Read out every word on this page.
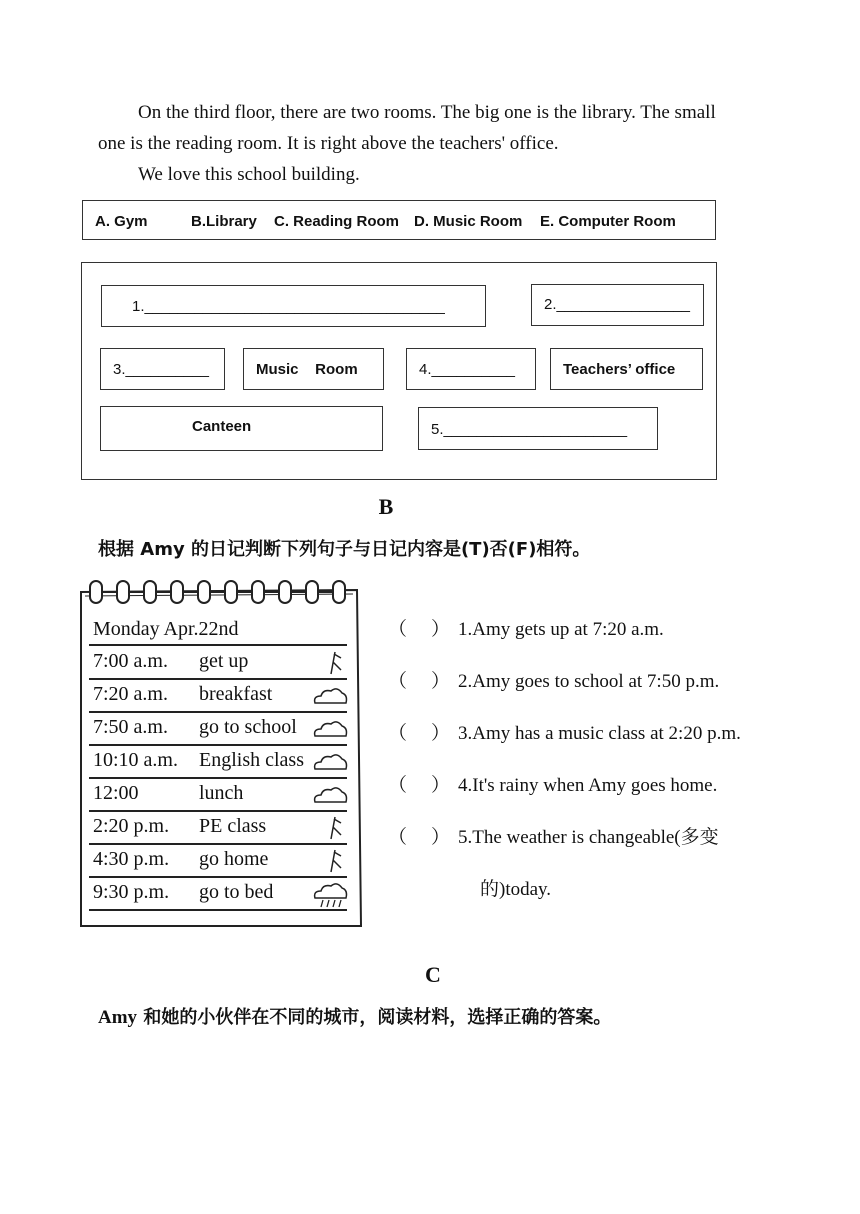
On the third floor, there are two rooms. The big one is the library. The small
one is the reading room. It is right above the teachers' office.
We love this school building.
A. Gym	B.Library C. Reading Room D. Music Room E. Computer Room
1.____________________________________	2.________________
3.__________	Music    Room	4.__________	Teachers’ office
Canteen	5.______________________
B
根据 Amy 的日记判断下列句子与日记内容是(T)否(F)相符。
Monday Apr.22nd
7:00 a.m. get up
7:20 a.m. breakfast
7:50 a.m. go to school
10:10 a.m. English class
12:00	lunch
2:20 p.m. PE class
4:30 p.m. go home
9:30 p.m. go to bed
（ ） 1.Amy gets up at 7:20 a.m.
（ ） 2.Amy goes to school at 7:50 p.m.
（ ） 3.Amy has a music class at 2:20 p.m.
（ ） 4.It's rainy when Amy goes home.
（ ） 5.The weather is changeable(多变
的)today.
C
Amy 和她的小伙伴在不同的城市，阅读材料，选择正确的答案。
